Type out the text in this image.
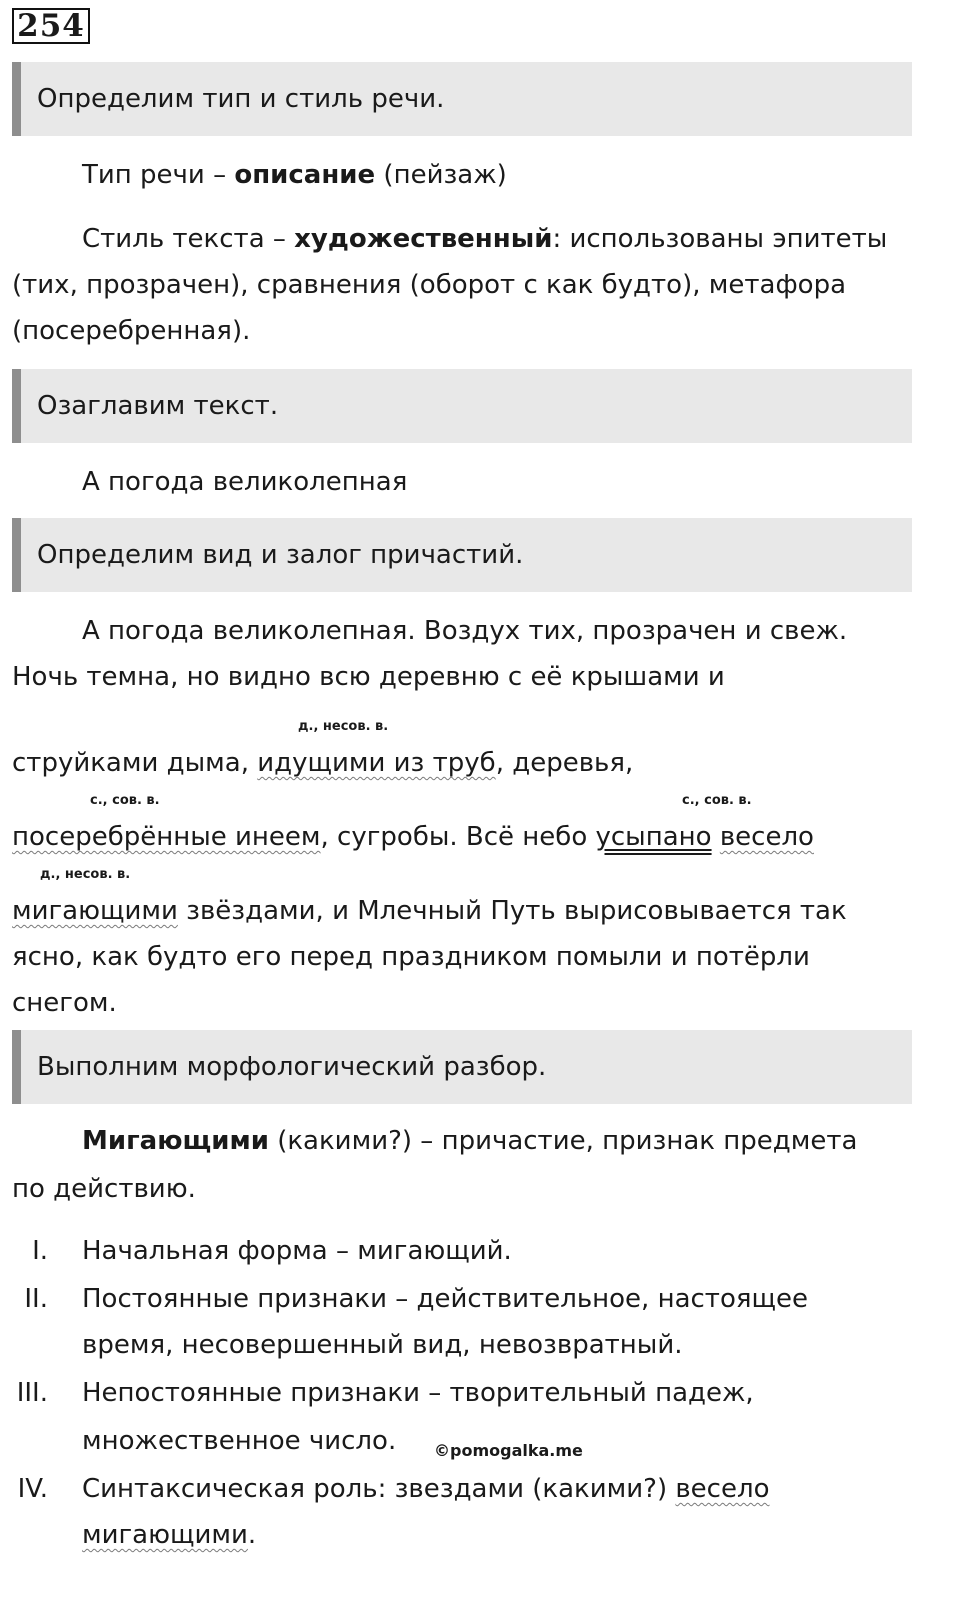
254
Определим тип и стиль речи.
Тип речи – описание (пейзаж)
Стиль текста – художественный: использованы эпитеты
(тих, прозрачен), сравнения (оборот с как будто), метафора
(посеребренная).
Озаглавим текст.
А погода великолепная
Определим вид и залог причастий.
А погода великолепная. Воздух тих, прозрачен и свеж.
Ночь темна, но видно всю деревню с её крышами и
д., несов. в.
струйками дыма, идущими из труб, деревья,
с., сов. в.	с., сов. в.
посеребрённые инеем, сугробы. Всё небо усыпано весело
д., несов. в.
мигающими звёздами, и Млечный Путь вырисовывается так
ясно, как будто его перед праздником помыли и потёрли
снегом.
Выполним морфологический разбор.
Мигающими (какими?) – причастие, признак предмета
по действию.
I. Начальная форма – мигающий.
II. Постоянные признаки – действительное, настоящее
время, несовершенный вид, невозвратный.
III. Непостоянные признаки – творительный падеж,
множественное число.	©pomogalka.me
IV. Синтаксическая роль: звездами (какими?) весело
мигающими.
